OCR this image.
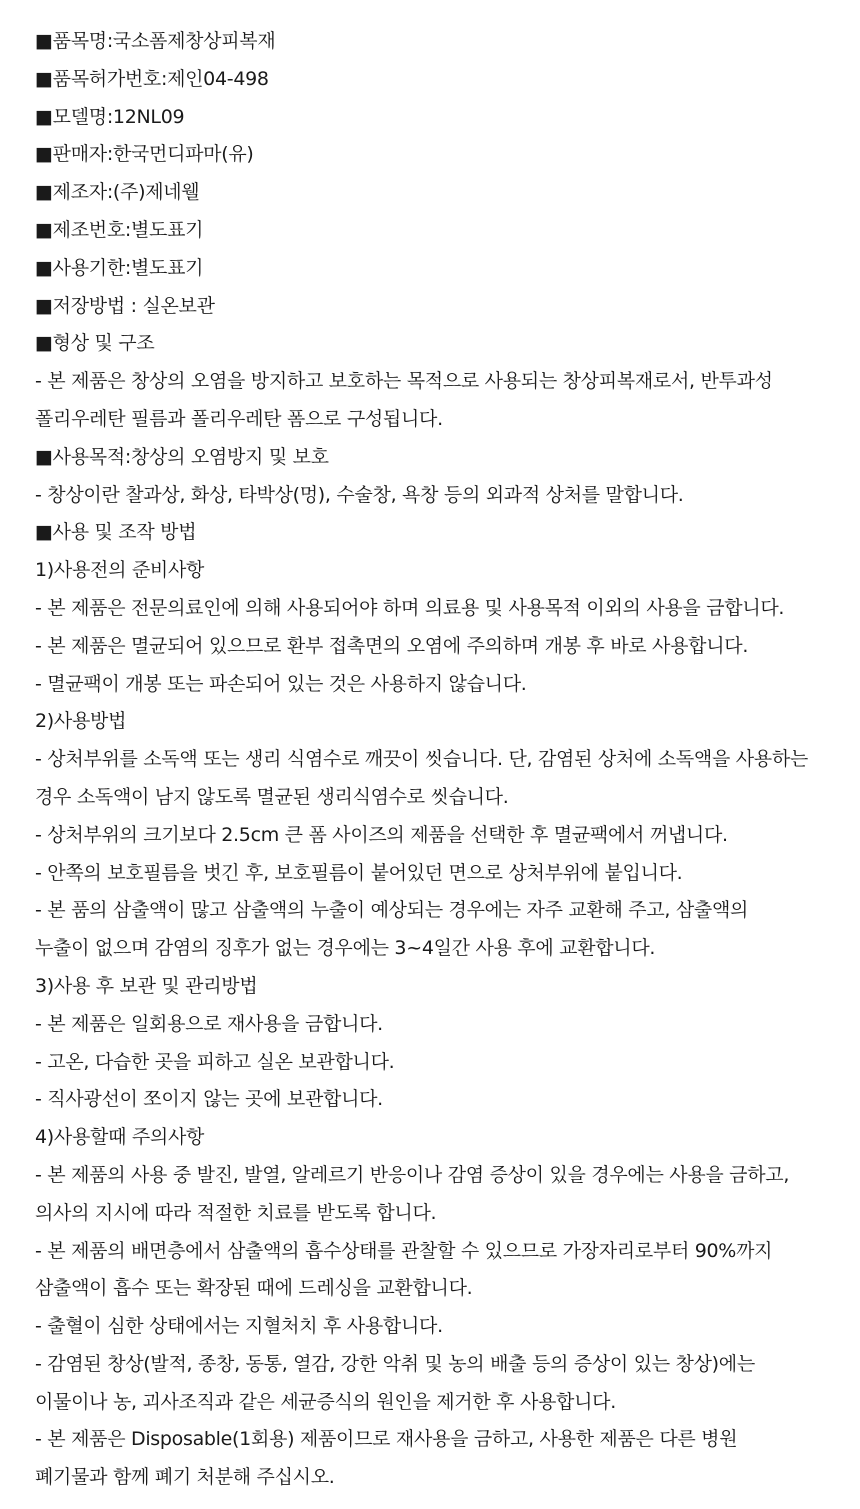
■품목명:국소폼제창상피복재
■품목허가번호:제인04-498
■모델명:12NL09
■판매자:한국먼디파마(유)
■제조자:(주)제네웰
■제조번호:별도표기
■사용기한:별도표기
■저장방법 : 실온보관
■형상 및 구조
- 본 제품은 창상의 오염을 방지하고 보호하는 목적으로 사용되는 창상피복재로서, 반투과성
폴리우레탄 필름과 폴리우레탄 폼으로 구성됩니다.
■사용목적:창상의 오염방지 및 보호
- 창상이란 찰과상, 화상, 타박상(멍), 수술창, 욕창 등의 외과적 상처를 말합니다.
■사용 및 조작 방법
1)사용전의 준비사항
- 본 제품은 전문의료인에 의해 사용되어야 하며 의료용 및 사용목적 이외의 사용을 금합니다.
- 본 제품은 멸균되어 있으므로 환부 접촉면의 오염에 주의하며 개봉 후 바로 사용합니다.
- 멸균팩이 개봉 또는 파손되어 있는 것은 사용하지 않습니다.
2)사용방법
- 상처부위를 소독액 또는 생리 식염수로 깨끗이 씻습니다. 단, 감염된 상처에 소독액을 사용하는
경우 소독액이 남지 않도록 멸균된 생리식염수로 씻습니다.
- 상처부위의 크기보다 2.5cm 큰 폼 사이즈의 제품을 선택한 후 멸균팩에서 꺼냅니다.
- 안쪽의 보호필름을 벗긴 후, 보호필름이 붙어있던 면으로 상처부위에 붙입니다.
- 본 품의 삼출액이 많고 삼출액의 누출이 예상되는 경우에는 자주 교환해 주고, 삼출액의
누출이 없으며 감염의 징후가 없는 경우에는 3~4일간 사용 후에 교환합니다.
3)사용 후 보관 및 관리방법
- 본 제품은 일회용으로 재사용을 금합니다.
- 고온, 다습한 곳을 피하고 실온 보관합니다.
- 직사광선이 쪼이지 않는 곳에 보관합니다.
4)사용할때 주의사항
- 본 제품의 사용 중 발진, 발열, 알레르기 반응이나 감염 증상이 있을 경우에는 사용을 금하고,
의사의 지시에 따라 적절한 치료를 받도록 합니다.
- 본 제품의 배면층에서 삼출액의 흡수상태를 관찰할 수 있으므로 가장자리로부터 90%까지
삼출액이 흡수 또는 확장된 때에 드레싱을 교환합니다.
- 출혈이 심한 상태에서는 지혈처치 후 사용합니다.
- 감염된 창상(발적, 종창, 동통, 열감, 강한 악취 및 농의 배출 등의 증상이 있는 창상)에는
이물이나 농, 괴사조직과 같은 세균증식의 원인을 제거한 후 사용합니다.
- 본 제품은 Disposable(1회용) 제품이므로 재사용을 금하고, 사용한 제품은 다른 병원
폐기물과 함께 폐기 처분해 주십시오.
